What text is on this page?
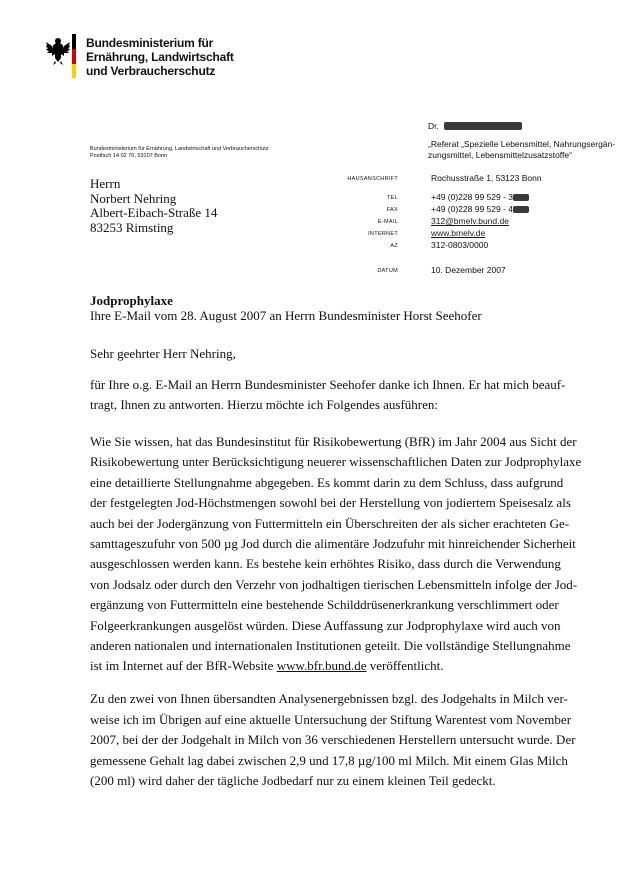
Bundesministerium für
Ernährung, Landwirtschaft
und Verbraucherschutz
Bundesministerium für Ernährung, Landwirtschaft und Verbraucherschutz
Postfach 14 02 70, 53107 Bonn
Herrn
Norbert Nehring
Albert-Eibach-Straße 14
83253 Rimsting
Dr.
„Referat „Spezielle Lebensmittel, Nahrungsergän-
zungsmittel, Lebensmittelzusatzstoffe“
HAUSANSCHRIFT	Rochusstraße 1, 53123 Bonn
TEL	+49 (0)228 99 529 - 3
FAX	+49 (0)228 99 529 - 4
E-MAIL	312@bmelv.bund.de
INTERNET	www.bmelv.de
AZ	312-0803/0000
DATUM	10. Dezember 2007
Jodprophylaxe
Ihre E-Mail vom 28. August 2007 an Herrn Bundesminister Horst Seehofer
Sehr geehrter Herr Nehring,
für Ihre o.g. E-Mail an Herrn Bundesminister Seehofer danke ich Ihnen. Er hat mich beauf-
tragt, Ihnen zu antworten. Hierzu möchte ich Folgendes ausführen:
Wie Sie wissen, hat das Bundesinstitut für Risikobewertung (BfR) im Jahr 2004 aus Sicht der
Risikobewertung unter Berücksichtigung neuerer wissenschaftlichen Daten zur Jodprophylaxe
eine detaillierte Stellungnahme abgegeben. Es kommt darin zu dem Schluss, dass aufgrund
der festgelegten Jod-Höchstmengen sowohl bei der Herstellung von jodiertem Speisesalz als
auch bei der Jodergänzung von Futtermitteln ein Überschreiten der als sicher erachteten Ge-
samttageszufuhr von 500 µg Jod durch die alimentäre Jodzufuhr mit hinreichender Sicherheit
ausgeschlossen werden kann. Es bestehe kein erhöhtes Risiko, dass durch die Verwendung
von Jodsalz oder durch den Verzehr von jodhaltigen tierischen Lebensmitteln infolge der Jod-
ergänzung von Futtermitteln eine bestehende Schilddrüsenerkrankung verschlimmert oder
Folgeerkrankungen ausgelöst würden. Diese Auffassung zur Jodprophylaxe wird auch von
anderen nationalen und internationalen Institutionen geteilt. Die vollständige Stellungnahme
ist im Internet auf der BfR-Website www.bfr.bund.de veröffentlicht.
Zu den zwei von Ihnen übersandten Analysenergebnissen bzgl. des Jodgehalts in Milch ver-
weise ich im Übrigen auf eine aktuelle Untersuchung der Stiftung Warentest vom November
2007, bei der der Jodgehalt in Milch von 36 verschiedenen Herstellern untersucht wurde. Der
gemessene Gehalt lag dabei zwischen 2,9 und 17,8 µg/100 ml Milch. Mit einem Glas Milch
(200 ml) wird daher der tägliche Jodbedarf nur zu einem kleinen Teil gedeckt.
